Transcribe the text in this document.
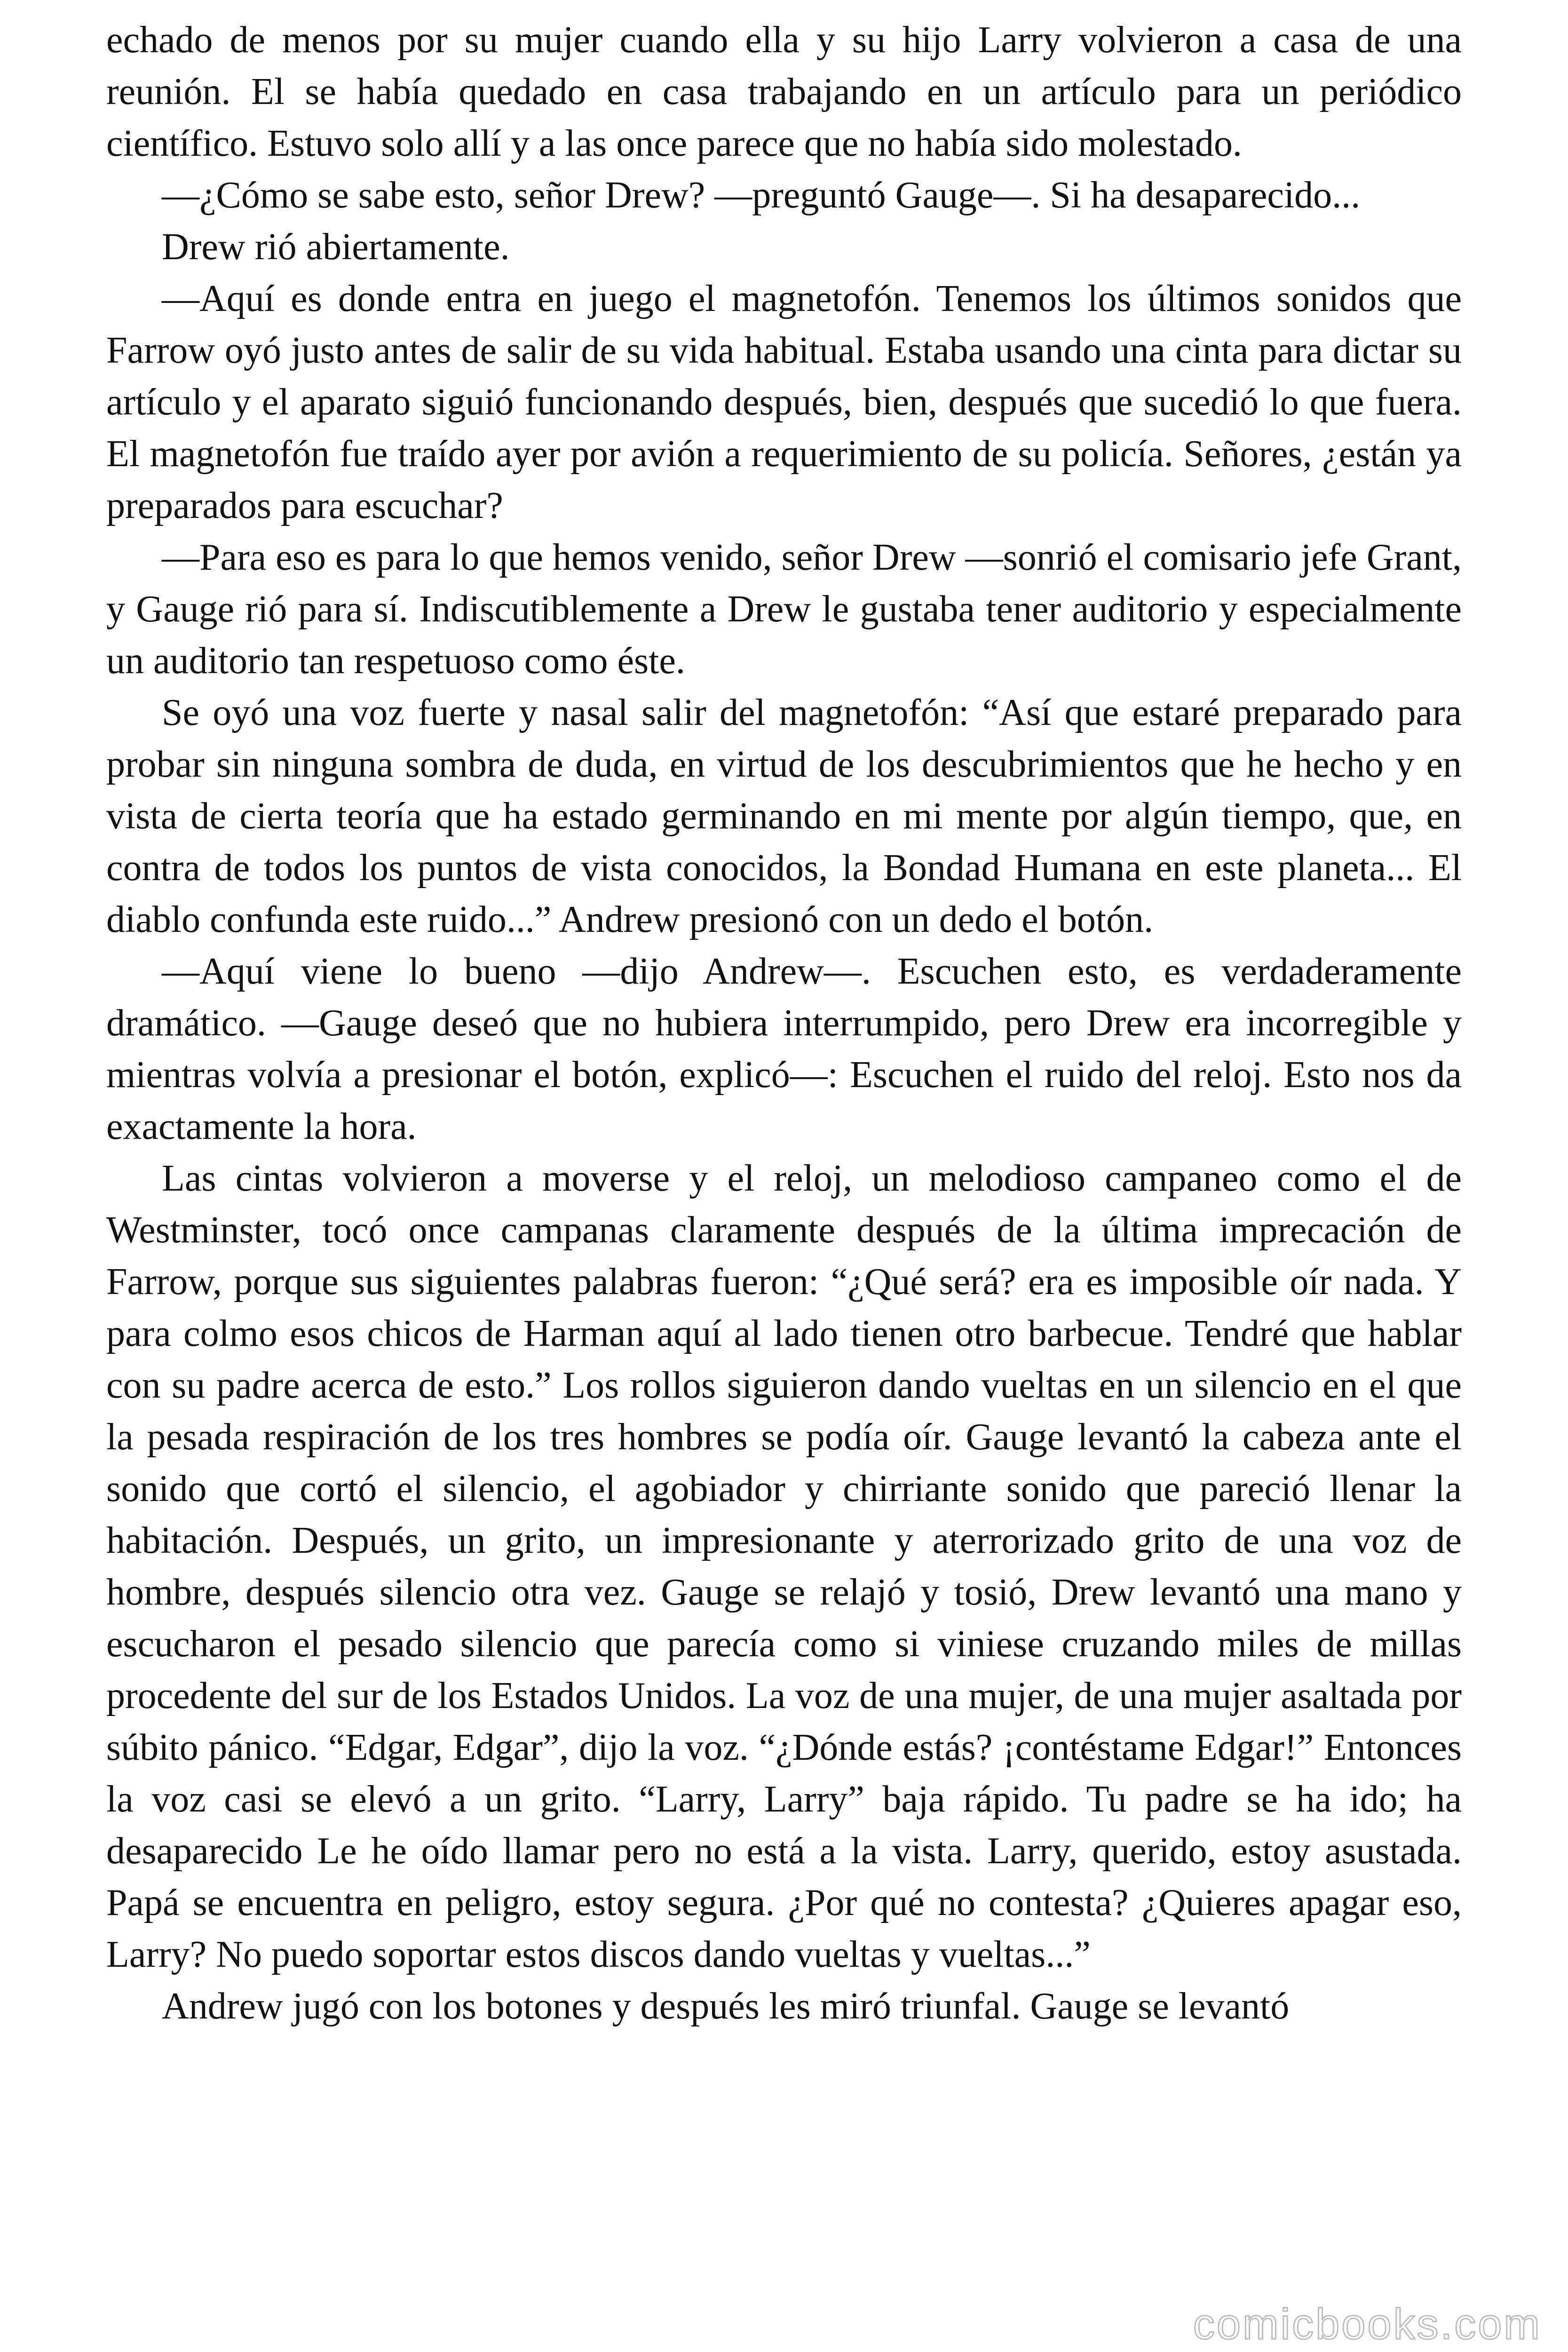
echado de menos por su mujer cuando ella y su hijo Larry volvieron a casa de una reunión. El se había quedado en casa trabajando en un artículo para un periódico científico. Estuvo solo allí y a las once parece que no había sido molestado.

—¿Cómo se sabe esto, señor Drew? —preguntó Gauge—. Si ha desaparecido...

Drew rió abiertamente.

—Aquí es donde entra en juego el magnetofón. Tenemos los últimos sonidos que Farrow oyó justo antes de salir de su vida habitual. Estaba usando una cinta para dictar su artículo y el aparato siguió funcionando después, bien, después que sucedió lo que fuera. El magnetofón fue traído ayer por avión a requerimiento de su policía. Señores, ¿están ya preparados para escuchar?

—Para eso es para lo que hemos venido, señor Drew —sonrió el comisario jefe Grant, y Gauge rió para sí. Indiscutiblemente a Drew le gustaba tener auditorio y especialmente un auditorio tan respetuoso como éste.

Se oyó una voz fuerte y nasal salir del magnetofón: “Así que estaré preparado para probar sin ninguna sombra de duda, en virtud de los descubrimientos que he hecho y en vista de cierta teoría que ha estado germinando en mi mente por algún tiempo, que, en contra de todos los puntos de vista conocidos, la Bondad Humana en este planeta... El diablo confunda este ruido...” Andrew presionó con un dedo el botón.

—Aquí viene lo bueno —dijo Andrew—. Escuchen esto, es verdaderamente dramático. —Gauge deseó que no hubiera interrumpido, pero Drew era incorregible y mientras volvía a presionar el botón, explicó—: Escuchen el ruido del reloj. Esto nos da exactamente la hora.

Las cintas volvieron a moverse y el reloj, un melodioso campaneo como el de Westminster, tocó once campanas claramente después de la última imprecación de Farrow, porque sus siguientes palabras fueron: “¿Qué será? era es imposible oír nada. Y para colmo esos chicos de Harman aquí al lado tienen otro barbecue. Tendré que hablar con su padre acerca de esto.” Los rollos siguieron dando vueltas en un silencio en el que la pesada respiración de los tres hombres se podía oír. Gauge levantó la cabeza ante el sonido que cortó el silencio, el agobiador y chirriante sonido que pareció llenar la habitación. Después, un grito, un impresionante y aterrorizado grito de una voz de hombre, después silencio otra vez. Gauge se relajó y tosió, Drew levantó una mano y escucharon el pesado silencio que parecía como si viniese cruzando miles de millas procedente del sur de los Estados Unidos. La voz de una mujer, de una mujer asaltada por súbito pánico. “Edgar, Edgar”, dijo la voz. “¿Dónde estás? ¡contéstame Edgar!” Entonces la voz casi se elevó a un grito. “Larry, Larry” baja rápido. Tu padre se ha ido; ha desaparecido Le he oído llamar pero no está a la vista. Larry, querido, estoy asustada. Papá se encuentra en peligro, estoy segura. ¿Por qué no contesta? ¿Quieres apagar eso, Larry? No puedo soportar estos discos dando vueltas y vueltas...”

Andrew jugó con los botones y después les miró triunfal. Gauge se levantó

comicbooks.com
